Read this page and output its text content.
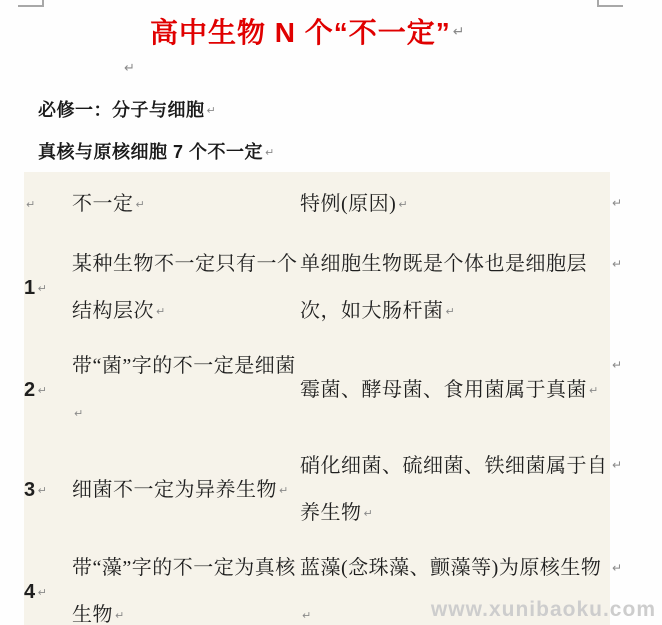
高中生物 N 个“不一定” ↵
↵
必修一：分子与细胞 ↵
真核与原核细胞 7 个不一定 ↵
↵	不一定 ↵	特例(原因) ↵
1 ↵	某种生物不一定只有一个结构层次 ↵	单细胞生物既是个体也是细胞层次，如大肠杆菌 ↵
2 ↵	带“菌”字的不一定是细菌↵	霉菌、酵母菌、食用菌属于真菌 ↵
3 ↵	细菌不一定为异养生物 ↵	硝化细菌、硫细菌、铁细菌属于自养生物 ↵
4 ↵	带“藻”字的不一定为真核生物 ↵	蓝藻(念珠藻、颤藻等)为原核生物↵
↵
↵
↵
↵
↵
www.xunibaoku.com
